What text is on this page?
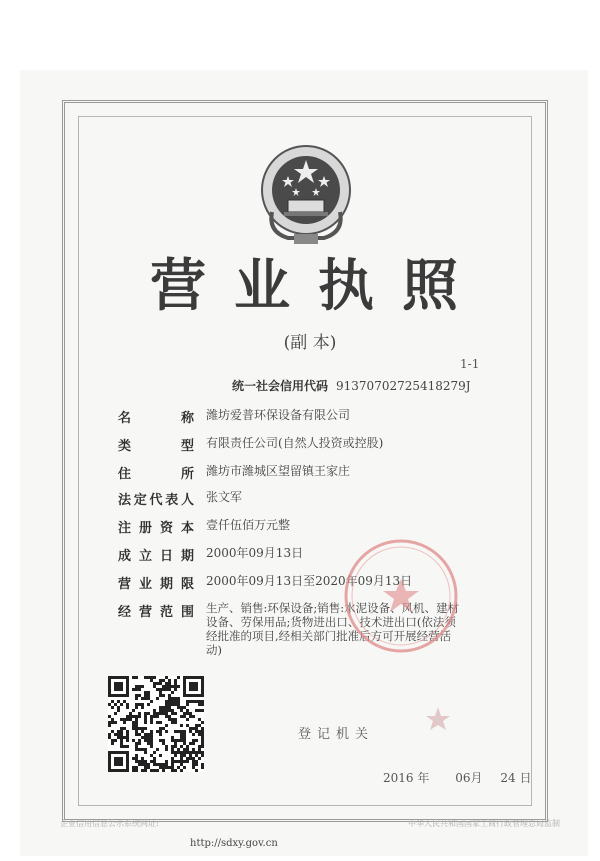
营 业 执 照
(副 本)
1-1
统一社会信用代码 91370702725418279J
名称 潍坊爱普环保设备有限公司
类型 有限责任公司(自然人投资或控股)
住所 潍坊市潍城区望留镇王家庄
法定代表人 张文军
注册资本 壹仟伍佰万元整
成立日期 2000年09月13日
营业期限 2000年09月13日至2020年09月13日
经营范围 生产、销售:环保设备;销售:水泥设备、风机、建材设备、劳保用品;货物进出口、技术进出口(依法须经批准的项目,经相关部门批准后方可开展经营活动)
登记机关
2016 年 06月 24 日
企业信用信息公示系统网址:	中华人民共和国国家工商行政管理总局监制
http://sdxy.gov.cn
